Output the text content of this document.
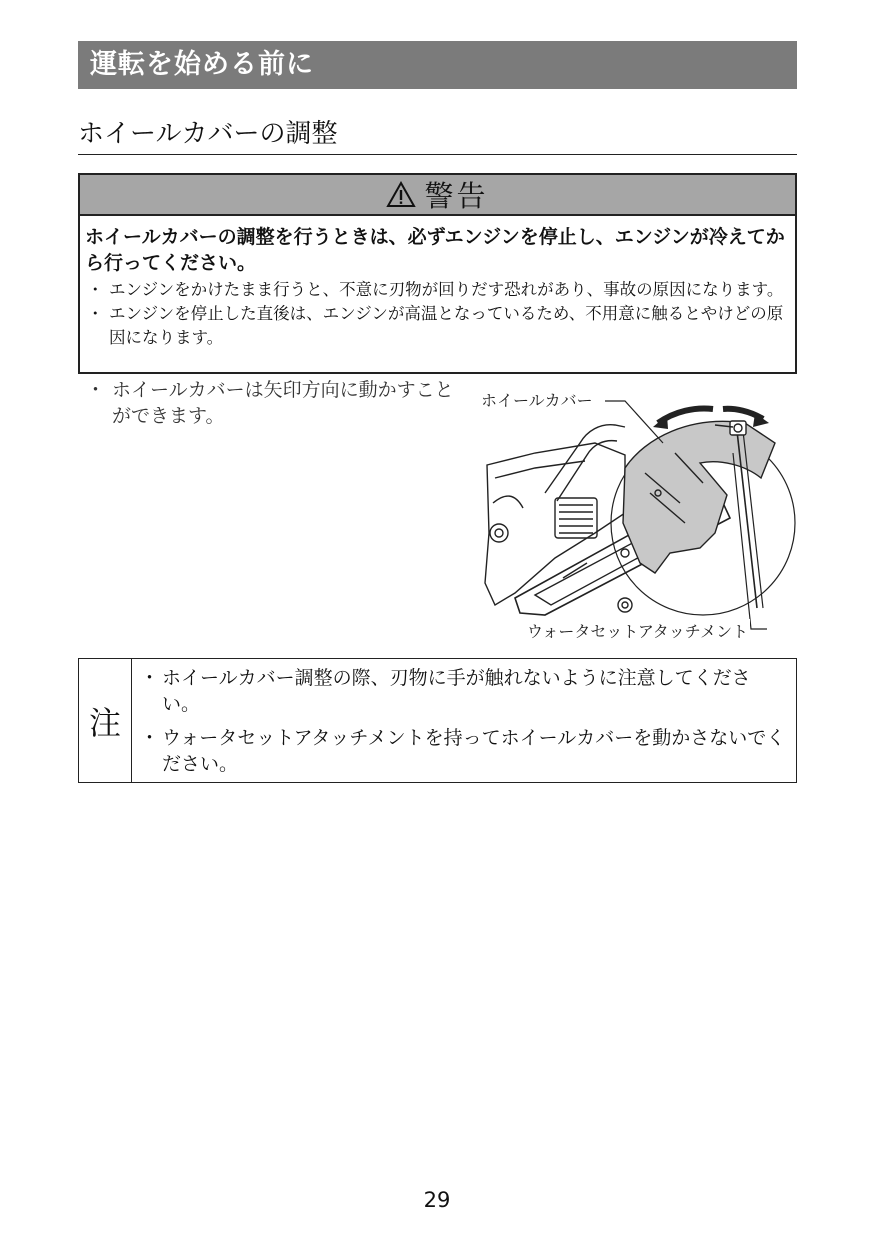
運転を始める前に
ホイールカバーの調整
警告
ホイールカバーの調整を行うときは、必ずエンジンを停止し、エンジンが冷えてから行ってください。
・ エンジンをかけたまま行うと、不意に刃物が回りだす恐れがあり、事故の原因になります。
・ エンジンを停止した直後は、エンジンが高温となっているため、不用意に触るとやけどの原因になります。
・ ホイールカバーは矢印方向に動かすことができます。
ホイールカバー
ウォータセットアタッチメント
注
・ ホイールカバー調整の際、刃物に手が触れないように注意してください。
・ ウォータセットアタッチメントを持ってホイールカバーを動かさないでください。
29
